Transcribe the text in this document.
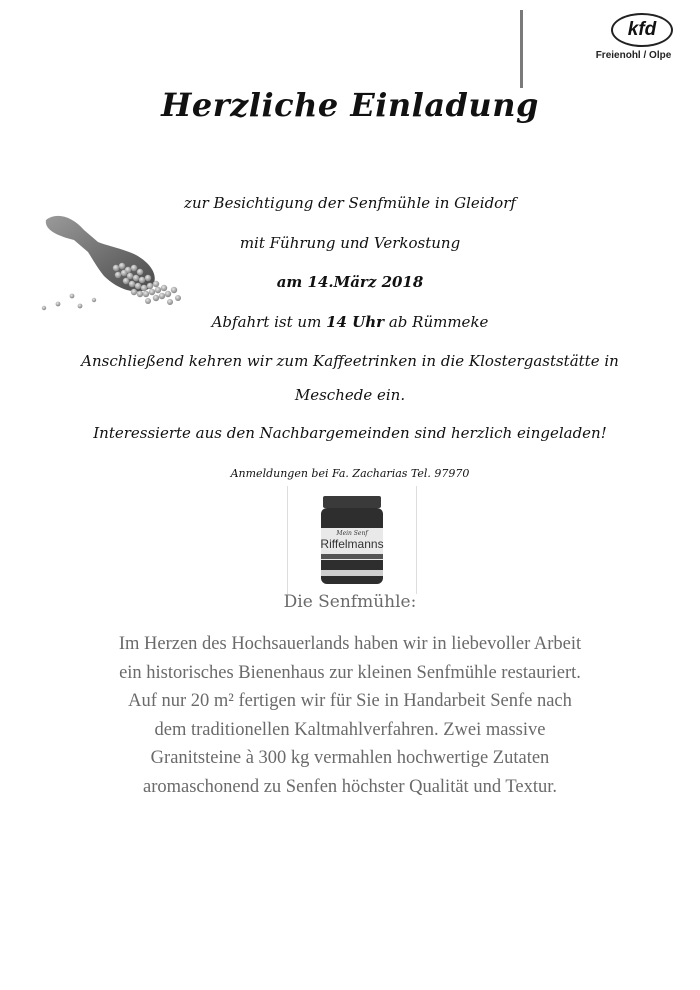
kfd
Freienohl / Olpe
Herzliche Einladung
zur Besichtigung der Senfmühle in Gleidorf
mit Führung und Verkostung
am 14.März 2018
Abfahrt ist um 14 Uhr ab Rümmeke
Anschließend kehren wir zum Kaffeetrinken in die Klostergaststätte in
Meschede ein.
Interessierte aus den Nachbargemeinden sind herzlich eingeladen!
Anmeldungen bei Fa. Zacharias Tel. 97970
Mein Senf
Riffelmanns
Die Senfmühle:
Im Herzen des Hochsauerlands haben wir in liebevoller Arbeit
ein historisches Bienenhaus zur kleinen Senfmühle restauriert.
Auf nur 20 m² fertigen wir für Sie in Handarbeit Senfe nach
dem traditionellen Kaltmahlverfahren. Zwei massive
Granitsteine à 300 kg vermahlen hochwertige Zutaten
aromaschonend zu Senfen höchster Qualität und Textur.
